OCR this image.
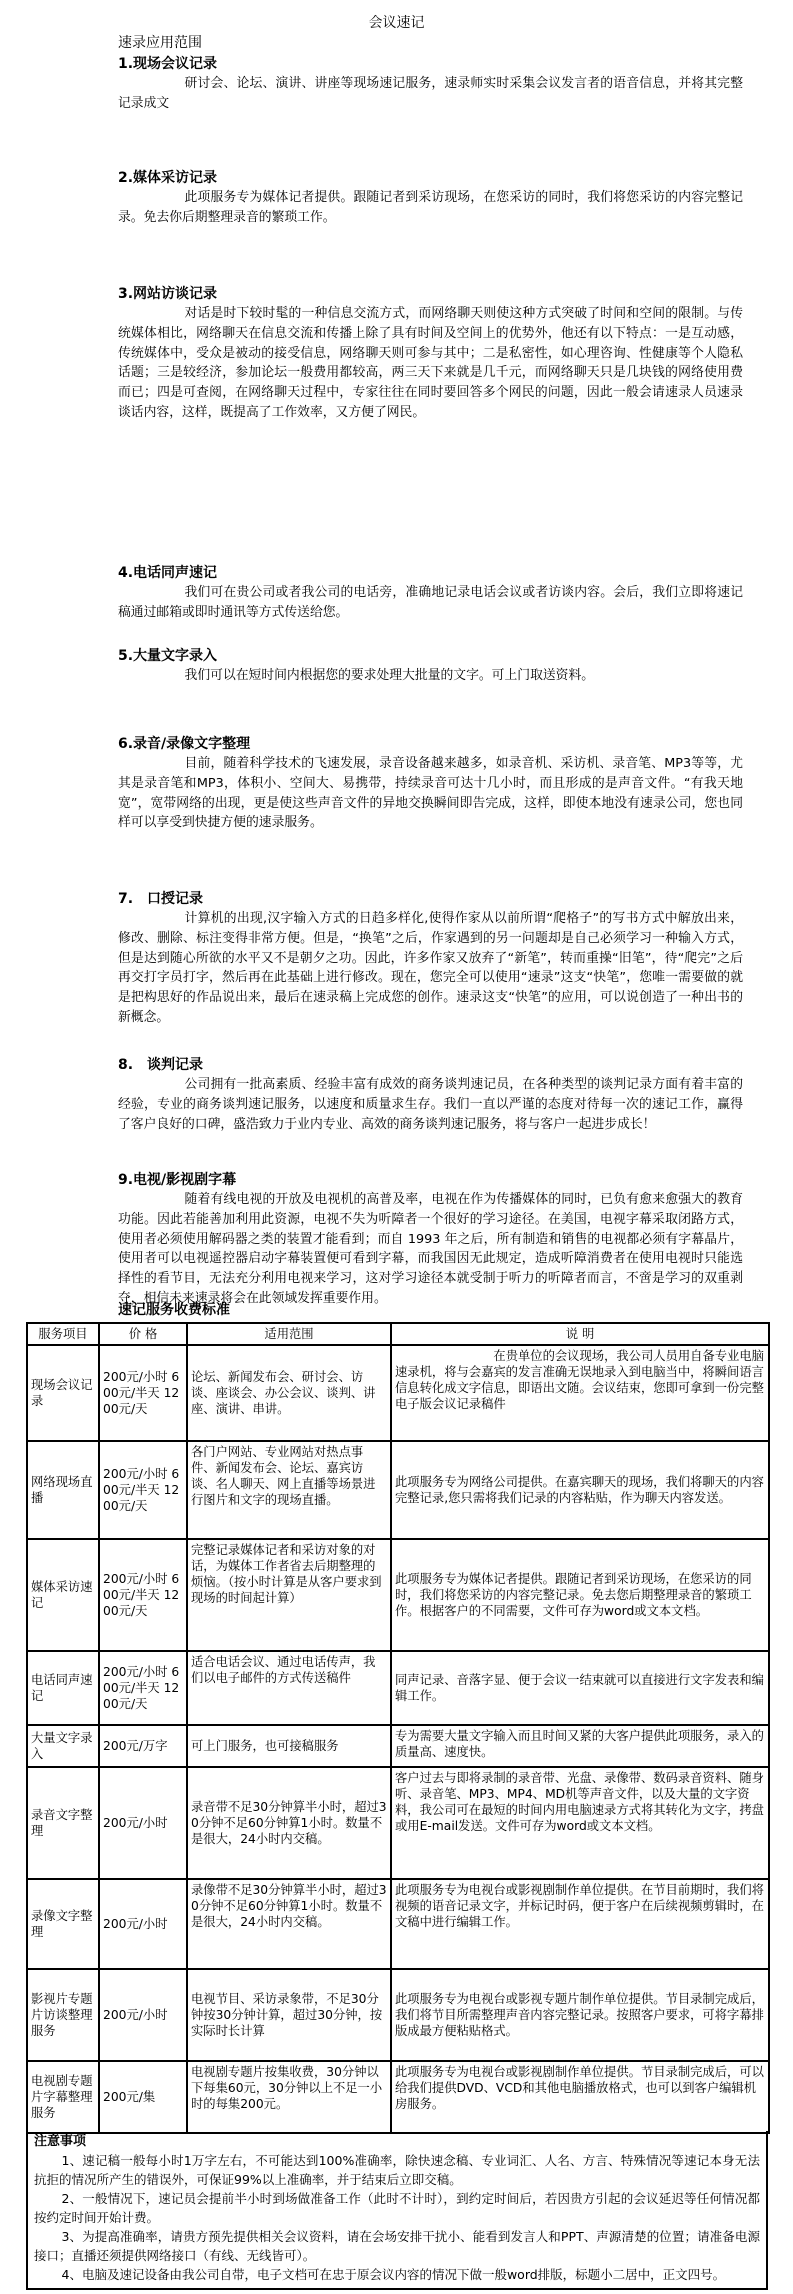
会议速记
速录应用范围
1.现场会议记录

研讨会、论坛、演讲、讲座等现场速记服务，速录师实时采集会议发言者的语音信息，并将其完整记录成文

2.媒体采访记录

此项服务专为媒体记者提供。跟随记者到采访现场，在您采访的同时，我们将您采访的内容完整记录。免去你后期整理录音的繁琐工作。

3.网站访谈记录

对话是时下较时髦的一种信息交流方式，而网络聊天则使这种方式突破了时间和空间的限制。与传统媒体相比，网络聊天在信息交流和传播上除了具有时间及空间上的优势外，他还有以下特点：一是互动感，传统媒体中，受众是被动的接受信息，网络聊天则可参与其中；二是私密性，如心理咨询、性健康等个人隐私话题；三是较经济，参加论坛一般费用都较高，两三天下来就是几千元，而网络聊天只是几块钱的网络使用费而已；四是可查阅，在网络聊天过程中，专家往往在同时要回答多个网民的问题，因此一般会请速录人员速录谈话内容，这样，既提高了工作效率，又方便了网民。

4.电话同声速记

我们可在贵公司或者我公司的电话旁，准确地记录电话会议或者访谈内容。会后，我们立即将速记稿通过邮箱或即时通讯等方式传送给您。

5.大量文字录入

我们可以在短时间内根据您的要求处理大批量的文字。可上门取送资料。

6.录音/录像文字整理

目前，随着科学技术的飞速发展，录音设备越来越多，如录音机、采访机、录音笔、MP3等等，尤其是录音笔和MP3，体积小、空间大、易携带，持续录音可达十几小时，而且形成的是声音文件。“有我天地宽”，宽带网络的出现，更是使这些声音文件的异地交换瞬间即告完成，这样，即使本地没有速录公司，您也同样可以享受到快捷方便的速录服务。

7.　口授记录

计算机的出现,汉字输入方式的日趋多样化,使得作家从以前所谓“爬格子”的写书方式中解放出来，修改、删除、标注变得非常方便。但是，“换笔”之后，作家遇到的另一问题却是自己必须学习一种输入方式，但是达到随心所欲的水平又不是朝夕之功。因此，许多作家又放弃了“新笔”，转而重操“旧笔”，待“爬完”之后再交打字员打字，然后再在此基础上进行修改。现在，您完全可以使用“速录”这支“快笔”，您唯一需要做的就是把构思好的作品说出来，最后在速录稿上完成您的创作。速录这支“快笔”的应用，可以说创造了一种出书的新概念。

8.　谈判记录

公司拥有一批高素质、经验丰富有成效的商务谈判速记员，在各种类型的谈判记录方面有着丰富的经验，专业的商务谈判速记服务，以速度和质量求生存。我们一直以严谨的态度对待每一次的速记工作，赢得了客户良好的口碑，盛浩致力于业内专业、高效的商务谈判速记服务，将与客户一起进步成长！

9.电视/影视剧字幕

随着有线电视的开放及电视机的高普及率，电视在作为传播媒体的同时，已负有愈来愈强大的教育功能。因此若能善加利用此资源，电视不失为听障者一个很好的学习途径。在美国，电视字幕采取闭路方式，使用者必须使用解码器之类的装置才能看到；而自 1993 年之后，所有制造和销售的电视都必须有字幕晶片，使用者可以电视遥控器启动字幕装置便可看到字幕，而我国因无此规定，造成听障消费者在使用电视时只能选择性的看节目，无法充分利用电视来学习，这对学习途径本就受制于听力的听障者而言，不啻是学习的双重剥夺，相信未来速录将会在此领域发挥重要作用。

速记服务收费标准
服务项目	价 格	适用范围	说 明
现场会议记录	200元/小时 600元/半天 1200元/天	论坛、新闻发布会、研讨会、访谈、座谈会、办公会议、谈判、讲座、演讲、串讲。	在贵单位的会议现场，我公司人员用自备专业电脑速录机，将与会嘉宾的发言准确无误地录入到电脑当中，将瞬间语言信息转化成文字信息，即语出文随。会议结束，您即可拿到一份完整电子版会议记录稿件
网络现场直播	200元/小时 600元/半天 1200元/天	各门户网站、专业网站对热点事件、新闻发布会、论坛、嘉宾访谈、名人聊天、网上直播等场景进行图片和文字的现场直播。	此项服务专为网络公司提供。在嘉宾聊天的现场，我们将聊天的内容完整记录,您只需将我们记录的内容粘贴，作为聊天内容发送。
媒体采访速记	200元/小时 600元/半天 1200元/天	完整记录媒体记者和采访对象的对话，为媒体工作者省去后期整理的烦恼。（按小时计算是从客户要求到现场的时间起计算）	此项服务专为媒体记者提供。跟随记者到采访现场，在您采访的同时，我们将您采访的内容完整记录。免去您后期整理录音的繁琐工作。根据客户的不同需要，文件可存为word或文本文档。
电话同声速记	200元/小时 600元/半天 1200元/天	适合电话会议、通过电话传声，我们以电子邮件的方式传送稿件	同声记录、音落字显、便于会议一结束就可以直接进行文字发表和编辑工作。
大量文字录入	200元/万字	可上门服务，也可接稿服务	专为需要大量文字输入而且时间又紧的大客户提供此项服务，录入的质量高、速度快。
录音文字整理	200元/小时	录音带不足30分钟算半小时，超过30分钟不足60分钟算1小时。数量不是很大，24小时内交稿。	客户过去与即将录制的录音带、光盘、录像带、数码录音资料、随身听、录音笔、MP3、MP4、MD机等声音文件，以及大量的文字资料，我公司可在最短的时间内用电脑速录方式将其转化为文字，拷盘或用E-mail发送。文件可存为word或文本文档。
录像文字整理	200元/小时	录像带不足30分钟算半小时，超过30分钟不足60分钟算1小时。数量不是很大，24小时内交稿。	此项服务专为电视台或影视剧制作单位提供。在节目前期时，我们将视频的语音记录文字，并标记时码，便于客户在后续视频剪辑时，在文稿中进行编辑工作。
影视片专题片访谈整理服务	200元/小时	电视节目、采访录象带，不足30分钟按30分钟计算，超过30分钟，按实际时长计算	此项服务专为电视台或影视专题片制作单位提供。节目录制完成后，我们将节目所需整理声音内容完整记录。按照客户要求，可将字幕排版成最方便粘贴格式。
电视剧专题片字幕整理服务	200元/集	电视剧专题片按集收费，30分钟以下每集60元，30分钟以上不足一小时的每集200元。	此项服务专为电视台或影视剧制作单位提供。节目录制完成后，可以给我们提供DVD、VCD和其他电脑播放格式，也可以到客户编辑机房服务。
注意事项

1、速记稿一般每小时1万字左右，不可能达到100%准确率，除快速念稿、专业词汇、人名、方言、特殊情况等速记本身无法抗拒的情况所产生的错误外，可保证99%以上准确率，并于结束后立即交稿。

2、一般情况下，速记员会提前半小时到场做准备工作（此时不计时），到约定时间后，若因贵方引起的会议延迟等任何情况都按约定时间开始计费。

3、为提高准确率，请贵方预先提供相关会议资料，请在会场安排干扰小、能看到发言人和PPT、声源清楚的位置；请准备电源接口；直播还须提供网络接口（有线、无线皆可）。

4、电脑及速记设备由我公司自带，电子文档可在忠于原会议内容的情况下做一般word排版，标题小二居中，正文四号。
